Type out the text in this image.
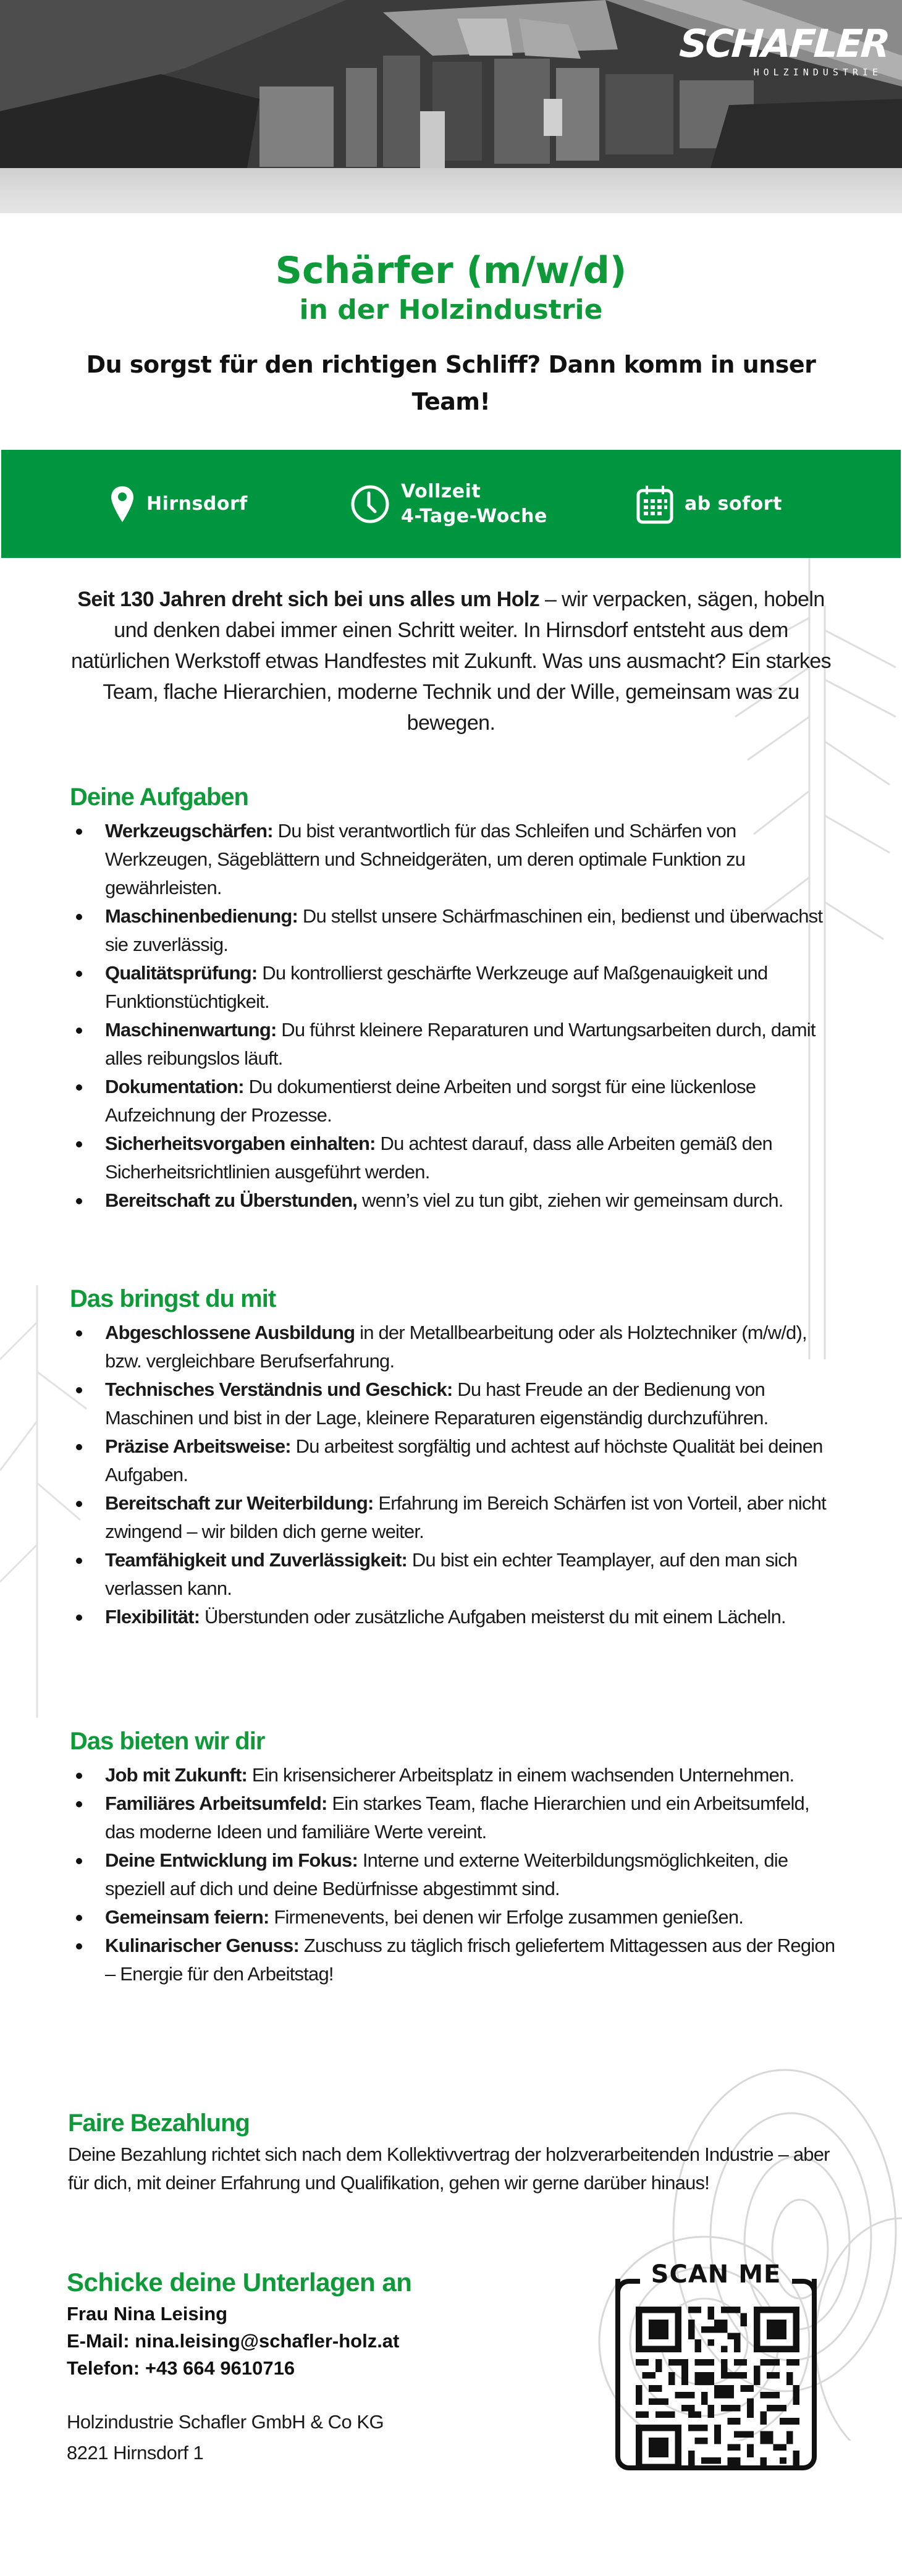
SCHAFLER
HOLZINDUSTRIE
Schärfer (m/w/d)
in der Holzindustrie
Du sorgst für den richtigen Schliff? Dann komm in unser Team!
Hirnsdorf
Vollzeit
4-Tage-Woche
ab sofort
Seit 130 Jahren dreht sich bei uns alles um Holz – wir verpacken, sägen, hobeln und denken dabei immer einen Schritt weiter. In Hirnsdorf entsteht aus dem natürlichen Werkstoff etwas Handfestes mit Zukunft. Was uns ausmacht? Ein starkes Team, flache Hierarchien, moderne Technik und der Wille, gemeinsam was zu bewegen.
Deine Aufgaben
Werkzeugschärfen: Du bist verantwortlich für das Schleifen und Schärfen von Werkzeugen, Sägeblättern und Schneidgeräten, um deren optimale Funktion zu gewährleisten.
Maschinenbedienung: Du stellst unsere Schärfmaschinen ein, bedienst und überwachst sie zuverlässig.
Qualitätsprüfung: Du kontrollierst geschärfte Werkzeuge auf Maßgenauigkeit und Funktionstüchtigkeit.
Maschinenwartung: Du führst kleinere Reparaturen und Wartungsarbeiten durch, damit alles reibungslos läuft.
Dokumentation: Du dokumentierst deine Arbeiten und sorgst für eine lückenlose Aufzeichnung der Prozesse.
Sicherheitsvorgaben einhalten: Du achtest darauf, dass alle Arbeiten gemäß den Sicherheitsrichtlinien ausgeführt werden.
Bereitschaft zu Überstunden, wenn’s viel zu tun gibt, ziehen wir gemeinsam durch.
Das bringst du mit
Abgeschlossene Ausbildung in der Metallbearbeitung oder als Holztechniker (m/w/d), bzw. vergleichbare Berufserfahrung.
Technisches Verständnis und Geschick: Du hast Freude an der Bedienung von Maschinen und bist in der Lage, kleinere Reparaturen eigenständig durchzuführen.
Präzise Arbeitsweise: Du arbeitest sorgfältig und achtest auf höchste Qualität bei deinen Aufgaben.
Bereitschaft zur Weiterbildung: Erfahrung im Bereich Schärfen ist von Vorteil, aber nicht zwingend – wir bilden dich gerne weiter.
Teamfähigkeit und Zuverlässigkeit: Du bist ein echter Teamplayer, auf den man sich verlassen kann.
Flexibilität: Überstunden oder zusätzliche Aufgaben meisterst du mit einem Lächeln.
Das bieten wir dir
Job mit Zukunft: Ein krisensicherer Arbeitsplatz in einem wachsenden Unternehmen.
Familiäres Arbeitsumfeld: Ein starkes Team, flache Hierarchien und ein Arbeitsumfeld, das moderne Ideen und familiäre Werte vereint.
Deine Entwicklung im Fokus: Interne und externe Weiterbildungsmöglichkeiten, die speziell auf dich und deine Bedürfnisse abgestimmt sind.
Gemeinsam feiern: Firmenevents, bei denen wir Erfolge zusammen genießen.
Kulinarischer Genuss: Zuschuss zu täglich frisch geliefertem Mittagessen aus der Region – Energie für den Arbeitstag!
Faire Bezahlung

Deine Bezahlung richtet sich nach dem Kollektivvertrag der holzverarbeitenden Industrie – aber für dich, mit deiner Erfahrung und Qualifikation, gehen wir gerne darüber hinaus!

Schicke deine Unterlagen an
Frau Nina Leising
E-Mail: nina.leising@schafler-holz.at
Telefon: +43 664 9610716
Holzindustrie Schafler GmbH & Co KG
8221 Hirnsdorf 1
SCAN ME
